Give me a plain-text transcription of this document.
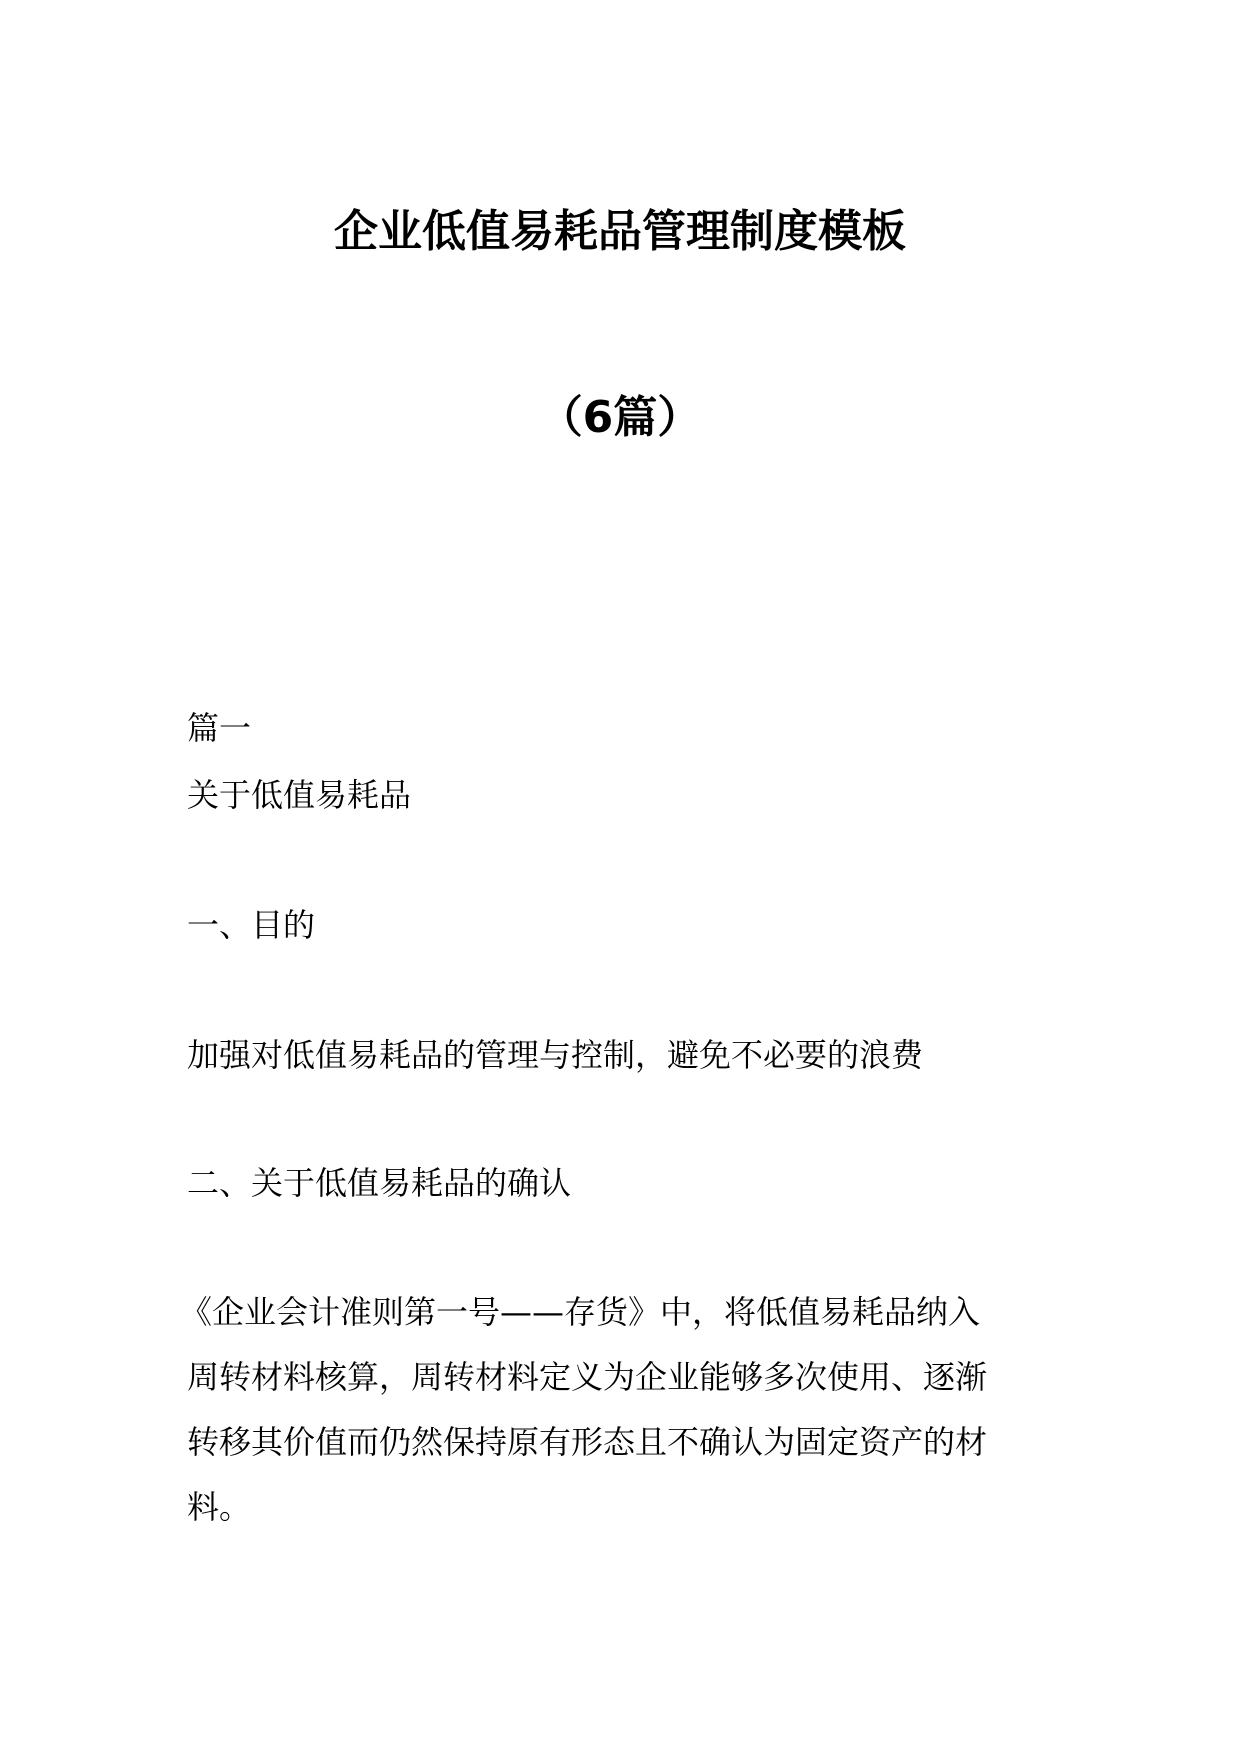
企业低值易耗品管理制度模板
（6篇）
篇一
关于低值易耗品
一、目的
加强对低值易耗品的管理与控制，避免不必要的浪费
二、关于低值易耗品的确认
《企业会计准则第一号——存货》中，将低值易耗品纳入
周转材料核算，周转材料定义为企业能够多次使用、逐渐
转移其价值而仍然保持原有形态且不确认为固定资产的材
料。
